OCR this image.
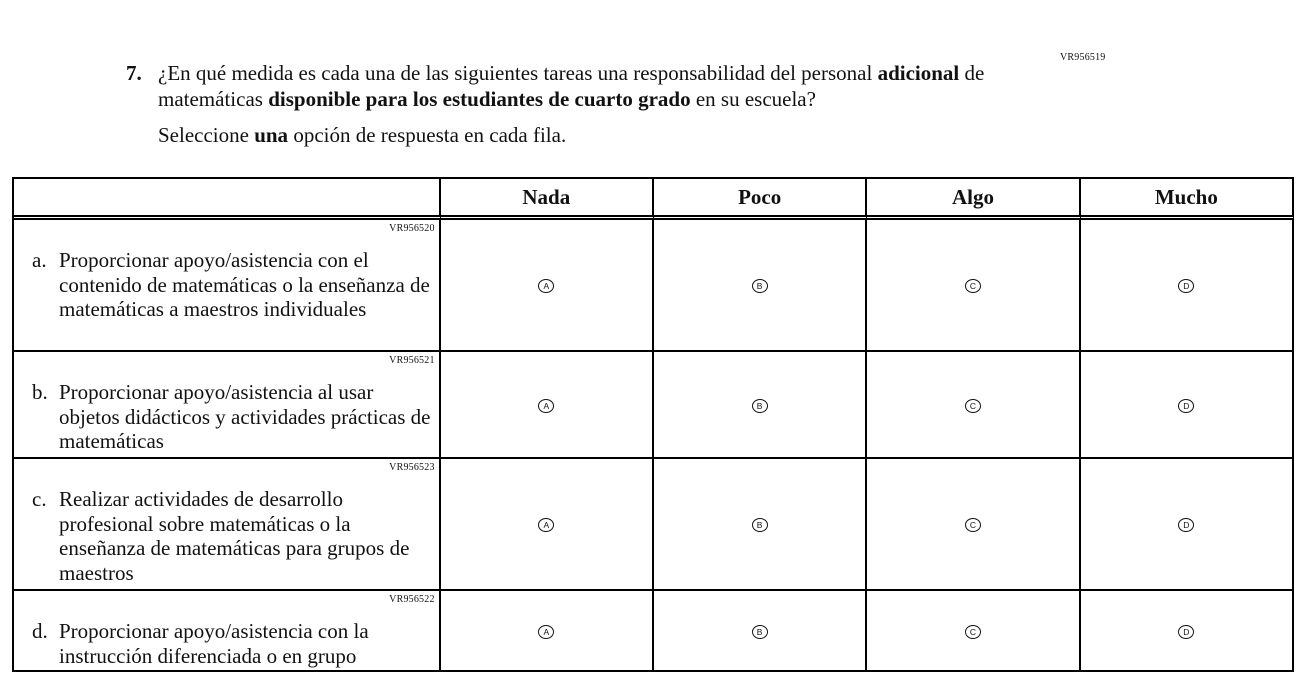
VR956519
7. ¿En qué medida es cada una de las siguientes tareas una responsabilidad del personal adicional de matemáticas disponible para los estudiantes de cuarto grado en su escuela?
Seleccione una opción de respuesta en cada fila.
	Nada	Poco	Algo	Mucho

VR956520
a. Proporcionar apoyo/asistencia con el contenido de matemáticas o la enseñanza de matemáticas a maestros individuales	A	B	C	D

VR956521
b. Proporcionar apoyo/asistencia al usar objetos didácticos y actividades prácticas de matemáticas	A	B	C	D

VR956523
c. Realizar actividades de desarrollo profesional sobre matemáticas o la enseñanza de matemáticas para grupos de maestros	A	B	C	D

VR956522
d. Proporcionar apoyo/asistencia con la instrucción diferenciada o en grupo	A	B	C	D
